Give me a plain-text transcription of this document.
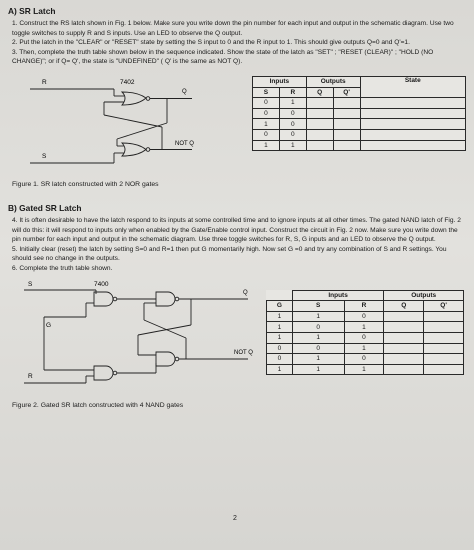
A) SR Latch

1. Construct the RS latch shown in Fig. 1 below. Make sure you write down the pin number for each input and output in the schematic diagram. Use two toggle switches to supply R and S inputs. Use an LED to observe the Q output.

2. Put the latch in the "CLEAR" or "RESET" state by setting the S input to 0 and the R input to 1. This should give outputs Q=0 and Q'=1.

3. Then, complete the truth table shown below in the sequence indicated. Show the state of the latch as "SET" ; "RESET (CLEAR)" ; "HOLD (NO CHANGE)"; or if Q= Q', the state is "UNDEFINED" ( Q' is the same as NOT Q).

R	7402
Q
NOT Q
S
Figure 1. SR latch constructed with 2 NOR gates
Inputs		Outputs		State
S	R	Q	Q'	
0	1			
0	0			
1	0			
0	0			
1	1			

B) Gated SR Latch

4. It is often desirable to have the latch respond to its inputs at some controlled time and to ignore inputs at all other times. The gated NAND latch of Fig. 2 will do this: it will respond to inputs only when enabled by the Gate/Enable control input. Construct the circuit in Fig. 2 now. Make sure you write down the pin number for each input and output in the schematic diagram. Use three toggle switches for R, S, G inputs and an LED to observe the Q output.

5. Initially clear (reset) the latch by setting S=0 and R=1 then put G momentarily high. Now set G =0 and try any combination of S and R settings. You should see no change in the outputs.

6. Complete the truth table shown.

S	7400
Q
G
NOT Q
R
Figure 2. Gated SR latch constructed with 4 NAND gates
	Inputs		Outputs	
G	S	R	Q	Q'
1	1	0		
1	0	1		
1	1	0		
0	0	1		
0	1	0		
1	1	1		
2
